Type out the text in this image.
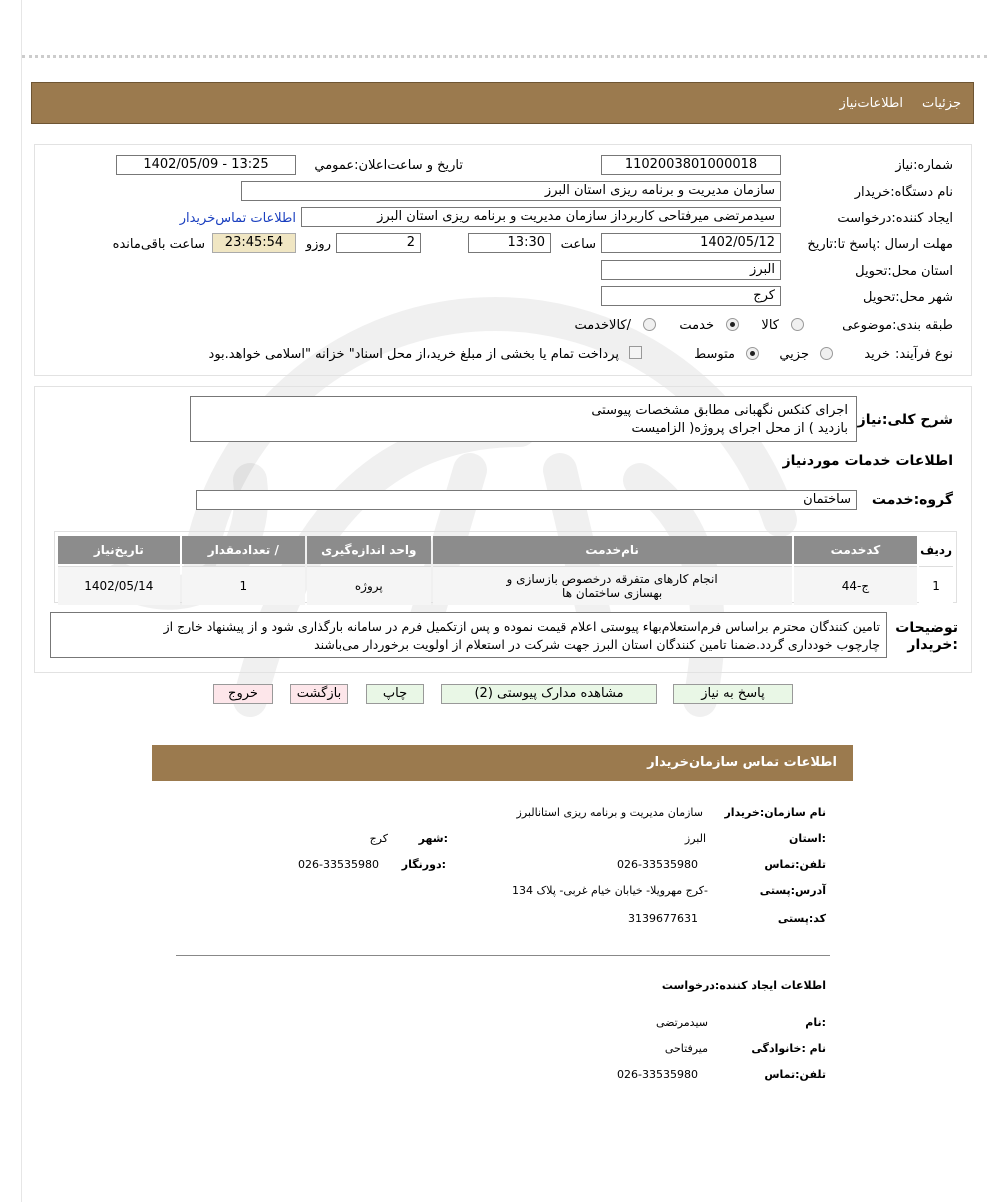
جزئیات
اطلاعات‌نیاز
شماره:نیاز
1102003801000018
تاریخ و ساعت‌اعلان:عمومي
1402/05/09 - 13:25
نام دستگاه:خریدار
سازمان مدیریت و برنامه ریزی استان البرز
ایجاد کننده:درخواست
سیدمرتضی میرفتاحی کاربرداز سازمان مدیریت و برنامه ریزی استان البرز
اطلاعات تماس‌خریدار
مهلت ارسال :پاسخ تا:تاریخ
1402/05/12
ساعت
13:30
2
روزو
23:45:54
ساعت باقی‌مانده
استان محل:تحویل
البرز
شهر محل:تحویل
کرج
طبقه بندی:موضوعی
کالا
خدمت
/کالاخدمت
نوع فرآیند:
خرید
جزیي
متوسط
پرداخت تمام یا بخشی از مبلغ خرید،از محل اسناد" خزانه "اسلامی خواهد.بود
شرح کلی:نیاز
اجرای کنکس نگهبانی مطابق مشخصات پیوستی
بازدید ) از محل اجرای پروژه( الزامیست
اطلاعات خدمات موردنیاز
گروه:خدمت
ساختمان
ردیف	کدخدمت	نام‌خدمت	واحد اندازه‌گیری	/ تعدادمقدار	تاریخ‌نیاز
1	ج-44	انجام کارهای متفرقه درخصوص بازسازی و
بهسازی ساختمان ها	پروژه	1	1402/05/14
توضیحات
:خریدار
تامین کنندگان محترم براساس فرم‌استعلام‌بهاء پیوستی اعلام قیمت نموده و پس ازتکمیل فرم در سامانه بارگذاری شود و از پیشنهاد خارج از
چارچوب خودداری گردد.ضمنا تامین کنندگان استان البرز جهت شرکت در استعلام از اولویت برخوردار می‌باشند
پاسخ به نیاز
مشاهده مدارک پیوستی (2)
چاپ
بازگشت
خروج
اطلاعات تماس سازمان‌خریدار
نام سازمان:خریدار
سازمان مدیریت و برنامه ریزی استانالبرز
:استان
البرز
:شهر
کرج
تلفن:تماس
026-33535980
:دورنگار
026-33535980
آدرس:پستی
-کرج مهرویلا- خیابان خیام غربی- پلاک 134
کد:پستی
3139677631
اطلاعات ایجاد کننده:درخواست
:نام
سیدمرتضی
نام :خانوادگی
میرفتاحی
تلفن:تماس
026-33535980
